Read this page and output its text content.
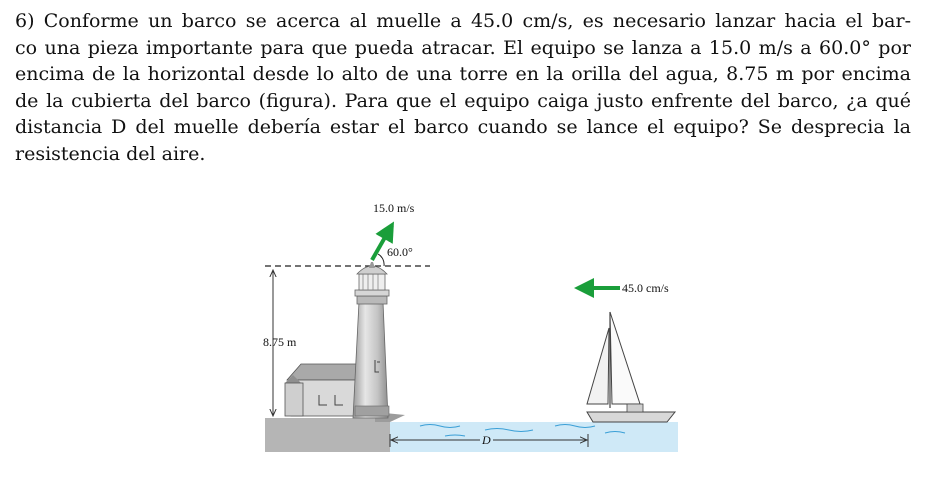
6) Conforme un barco se acerca al muelle a 45.0 cm/s, es necesario lanzar hacia el bar-
co una pieza importante para que pueda atracar. El equipo se lanza a 15.0 m/s a 60.0° por
encima de la horizontal desde lo alto de una torre en la orilla del agua, 8.75 m por encima
de la cubierta del barco (figura). Para que el equipo caiga justo enfrente del barco, ¿a qué
distancia D del muelle debería estar el barco cuando se lance el equipo? Se desprecia la
resistencia del aire.
8.75 m
15.0 m/s
60.0°
45.0 cm/s
D
